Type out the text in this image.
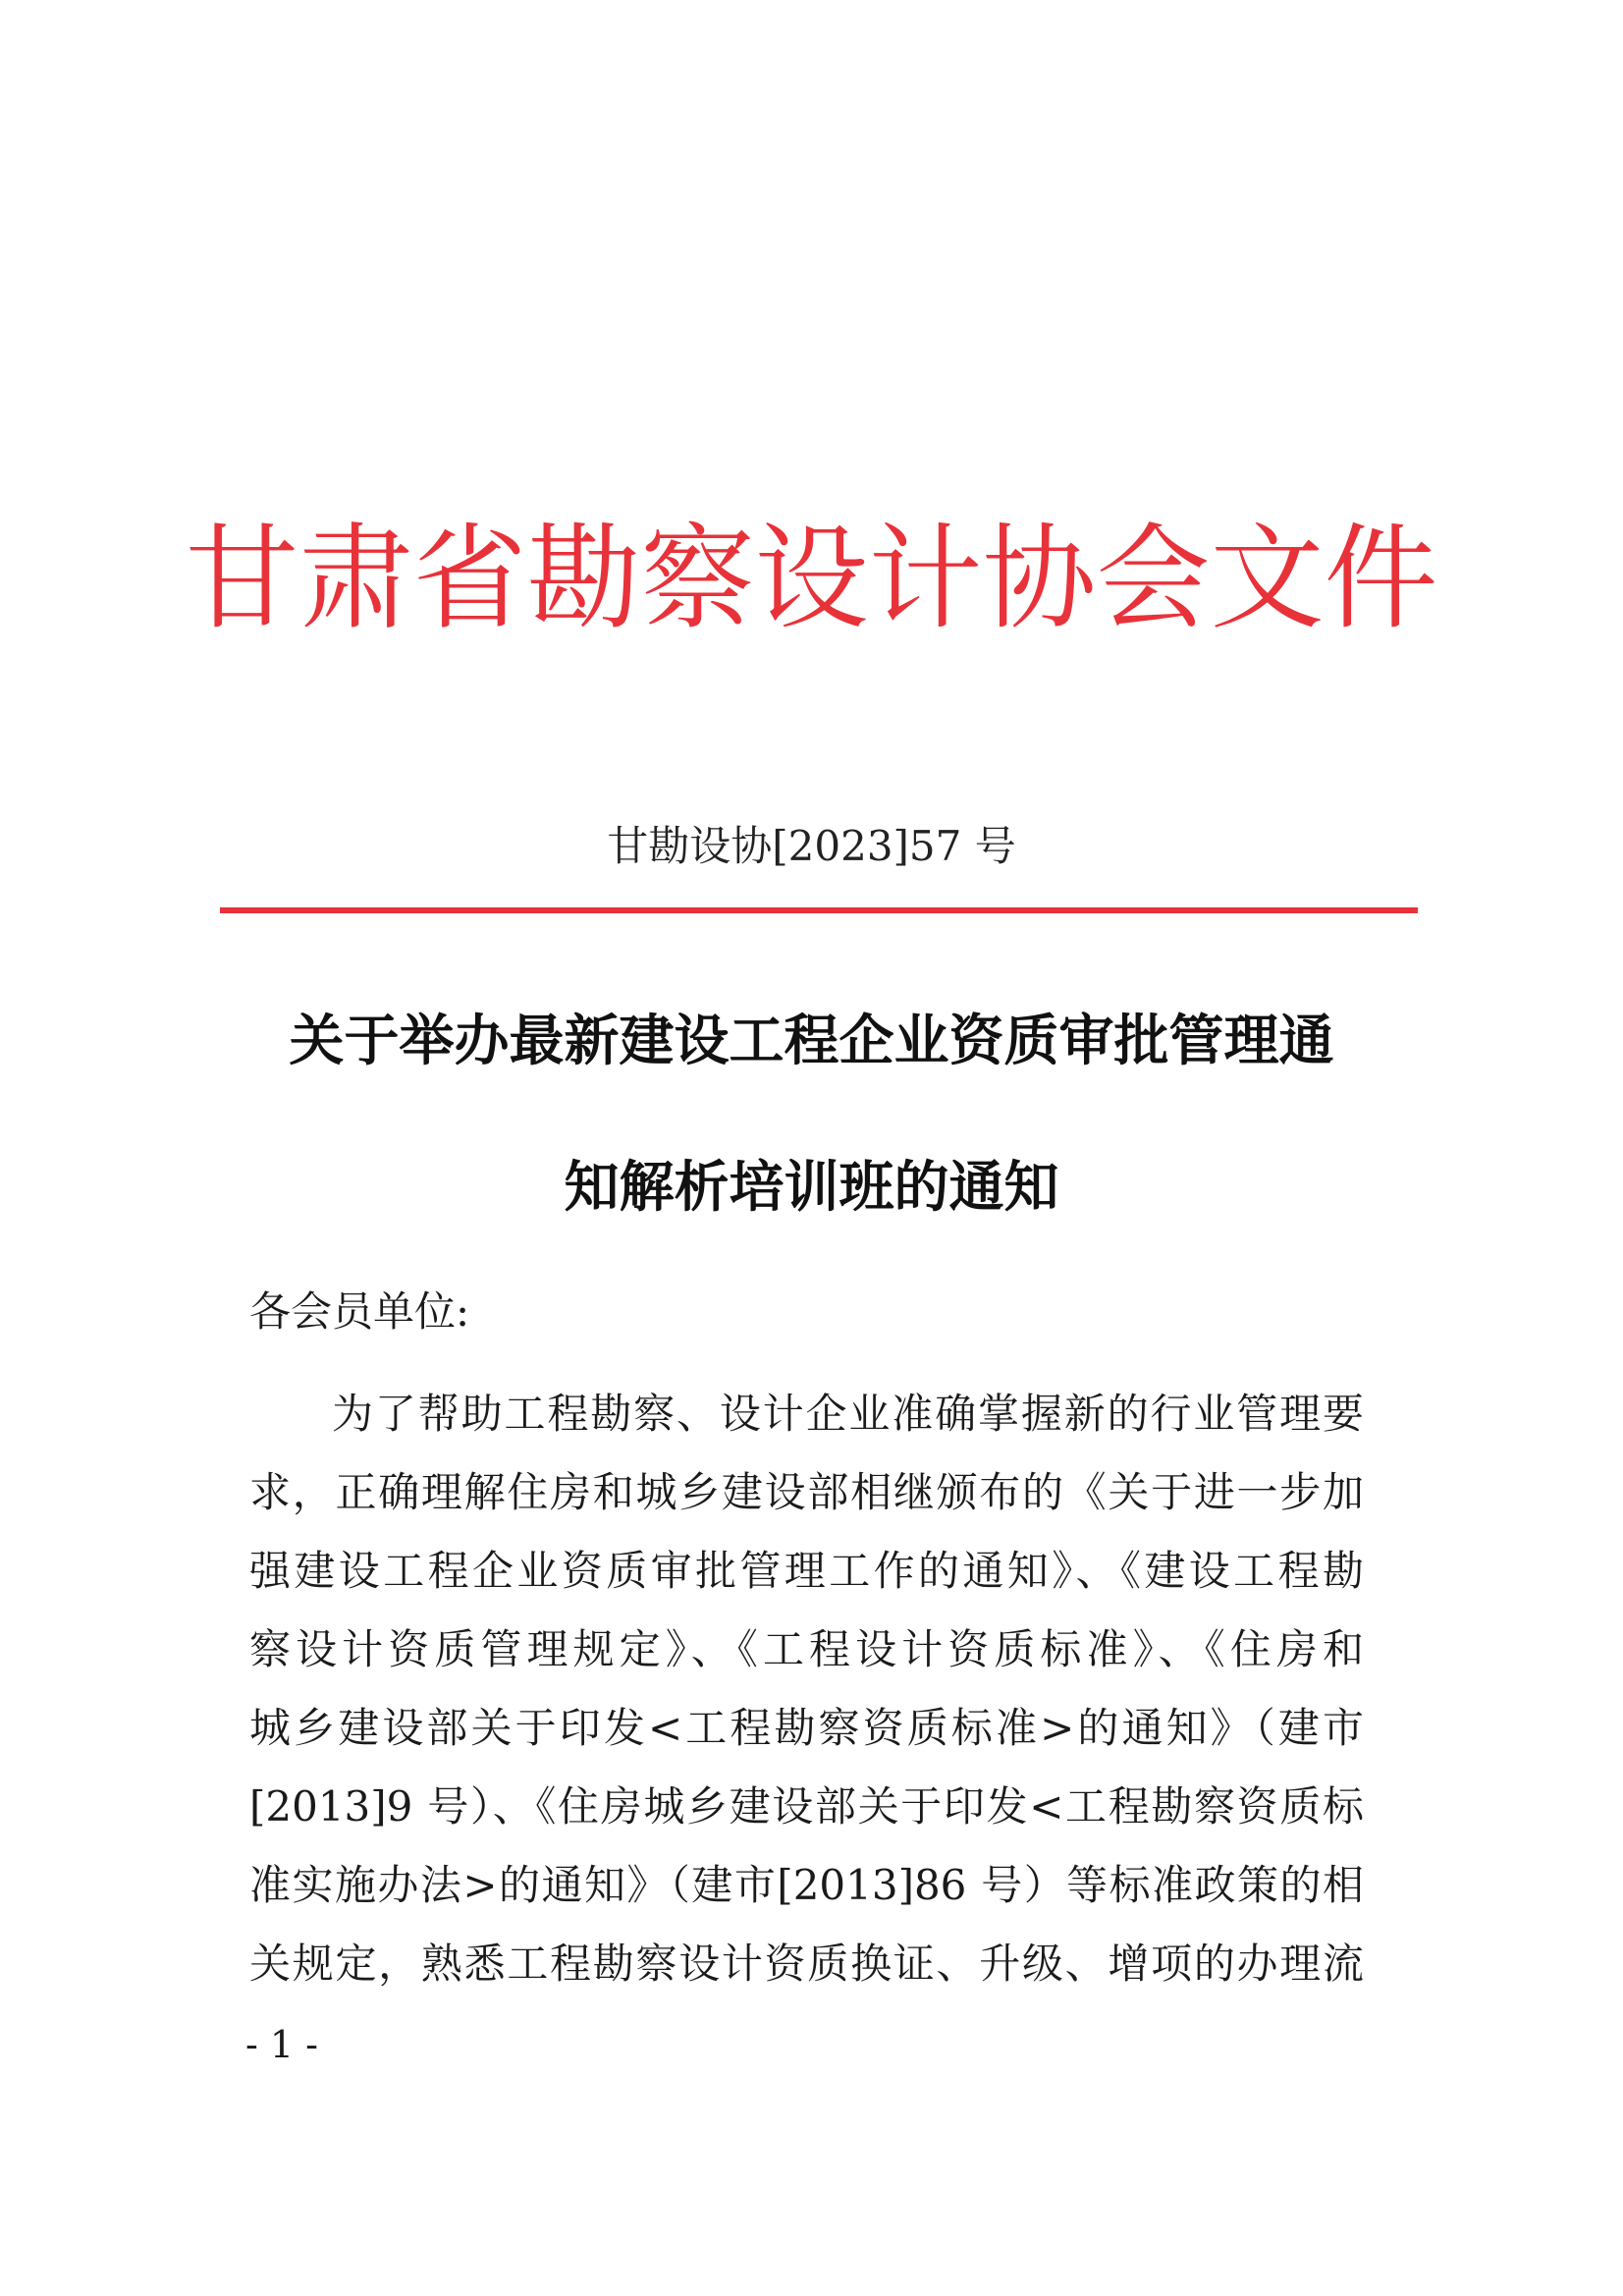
甘肃省勘察设计协会文件
甘勘设协[2023]57 号
关于举办最新建设工程企业资质审批管理通
知解析培训班的通知
各会员单位:
为了帮助工程勘察、设计企业准确掌握新的行业管理要
求，正确理解住房和城乡建设部相继颁布的《关于进一步加
强建设工程企业资质审批管理工作的通知》、《建设工程勘
察设计资质管理规定》、《工程设计资质标准》、《住房和
城乡建设部关于印发<工程勘察资质标准>的通知》（建市
[2013]9 号）、《住房城乡建设部关于印发<工程勘察资质标
准实施办法>的通知》（建市[2013]86 号）等标准政策的相
关规定，熟悉工程勘察设计资质换证、升级、增项的办理流
- 1 -
